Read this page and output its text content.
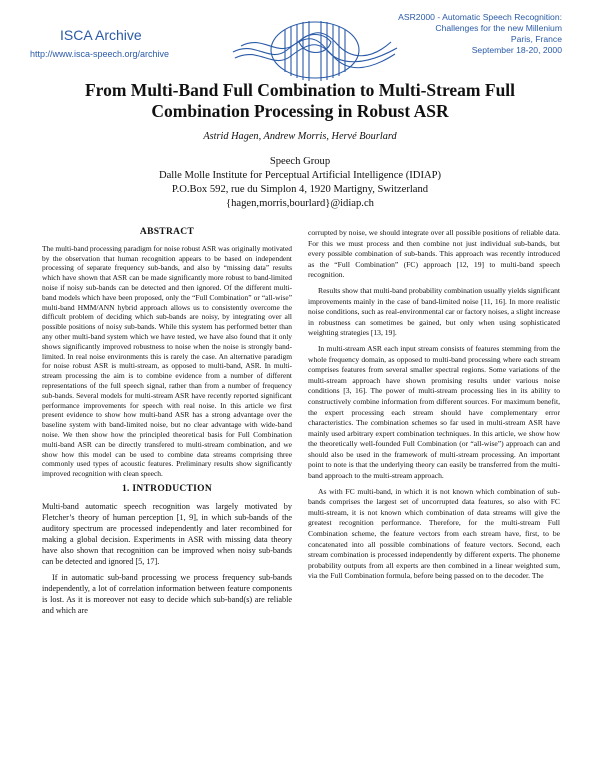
ISCA Archive
http://www.isca-speech.org/archive
ASR2000 - Automatic Speech Recognition:
Challenges for the new Millenium
Paris, France
September 18-20, 2000
From Multi-Band Full Combination to Multi-Stream Full Combination Processing in Robust ASR
Astrid Hagen, Andrew Morris, Hervé Bourlard
Speech Group
Dalle Molle Institute for Perceptual Artificial Intelligence (IDIAP)
P.O.Box 592, rue du Simplon 4, 1920 Martigny, Switzerland
{hagen,morris,bourlard}@idiap.ch
ABSTRACT

The multi-band processing paradigm for noise robust ASR was originally motivated by the observation that human recognition appears to be based on independent processing of separate frequency sub-bands, and also by “missing data” results which have shown that ASR can be made significantly more robust to band-limited noise if noisy sub-bands can be detected and then ignored. Of the different multi-band models which have been proposed, only the “Full Combination” or “all-wise” multi-band HMM/ANN hybrid approach allows us to consistently overcome the difficult problem of deciding which sub-bands are noisy, by integrating over all possible positions of noisy sub-bands. While this system has performed better than any other multi-band system which we have tested, we have also found that it only shows significantly improved robustness to noise when the noise is strongly band-limited. In real noise environments this is rarely the case. An alternative paradigm for noise robust ASR is multi-stream, as opposed to multi-band, ASR. In multi-stream processing the aim is to combine evidence from a number of different representations of the full speech signal, rather than from a number of frequency sub-bands. Several models for multi-stream ASR have recently reported significant performance improvements for speech with real noise. In this article we first present evidence to show how multi-band ASR has a strong advantage over the baseline system with band-limited noise, but no clear advantage with wide-band noise. We then show how the principled theoretical basis for Full Combination multi-band ASR can be directly transfered to multi-stream combination, and we show how this model can be used to combine data streams comprising three commonly used types of acoustic features. Preliminary results show significantly improved recognition with clean speech.

1. INTRODUCTION

Multi-band automatic speech recognition was largely motivated by Fletcher’s theory of human perception [1, 9], in which sub-bands of the auditory spectrum are processed independently and later recombined for making a global decision. Experiments in ASR with missing data theory have also shown that recognition can be improved when noisy sub-bands can be detected and ignored [5, 17].

If in automatic sub-band processing we process frequency sub-bands independently, a lot of correlation information between feature components is lost. As it is moreover not easy to decide which sub-band(s) are reliable and which are

corrupted by noise, we should integrate over all possible positions of reliable data. For this we must process and then combine not just individual sub-bands, but every possible combination of sub-bands. This approach was recently introduced as the “Full Combination” (FC) approach [12, 19] to multi-band speech recognition.

Results show that multi-band probability combination usually yields significant improvements mainly in the case of band-limited noise [11, 16]. In more realistic noise conditions, such as real-environmental car or factory noises, a slight increase in robustness can sometimes be gained, but only when using sophisticated weighting strategies [13, 19].

In multi-stream ASR each input stream consists of features stemming from the whole frequency domain, as opposed to multi-band processing where each stream comprises features from several smaller spectral regions. Some variations of the multi-stream approach have shown promising results under various noise conditions [3, 16]. The power of multi-stream processing lies in its ability to constructively combine information from different sources. For maximum benefit, the expert processing each stream should have complementary error characteristics. The combination schemes so far used in multi-stream ASR have mainly used arbitrary expert combination techniques. In this article, we show how the theoretically well-founded Full Combination (or “all-wise”) approach can and should also be used in the framework of multi-stream processing. An important point to note is that the underlying theory can easily be transferred from the multi-band approach to the multi-stream approach.

As with FC multi-band, in which it is not known which combination of sub-bands comprises the largest set of uncorrupted data features, so also with FC multi-stream, it is not known which combination of data streams will give the greatest recognition performance. Therefore, for the multi-stream Full Combination scheme, the feature vectors from each stream have, first, to be concatenated into all possible combinations of feature vectors. Second, each stream combination is processed independently by different experts. The phoneme probability outputs from all experts are then combined in a linear weighted sum, via the Full Combination formula, before being passed on to the decoder. The
